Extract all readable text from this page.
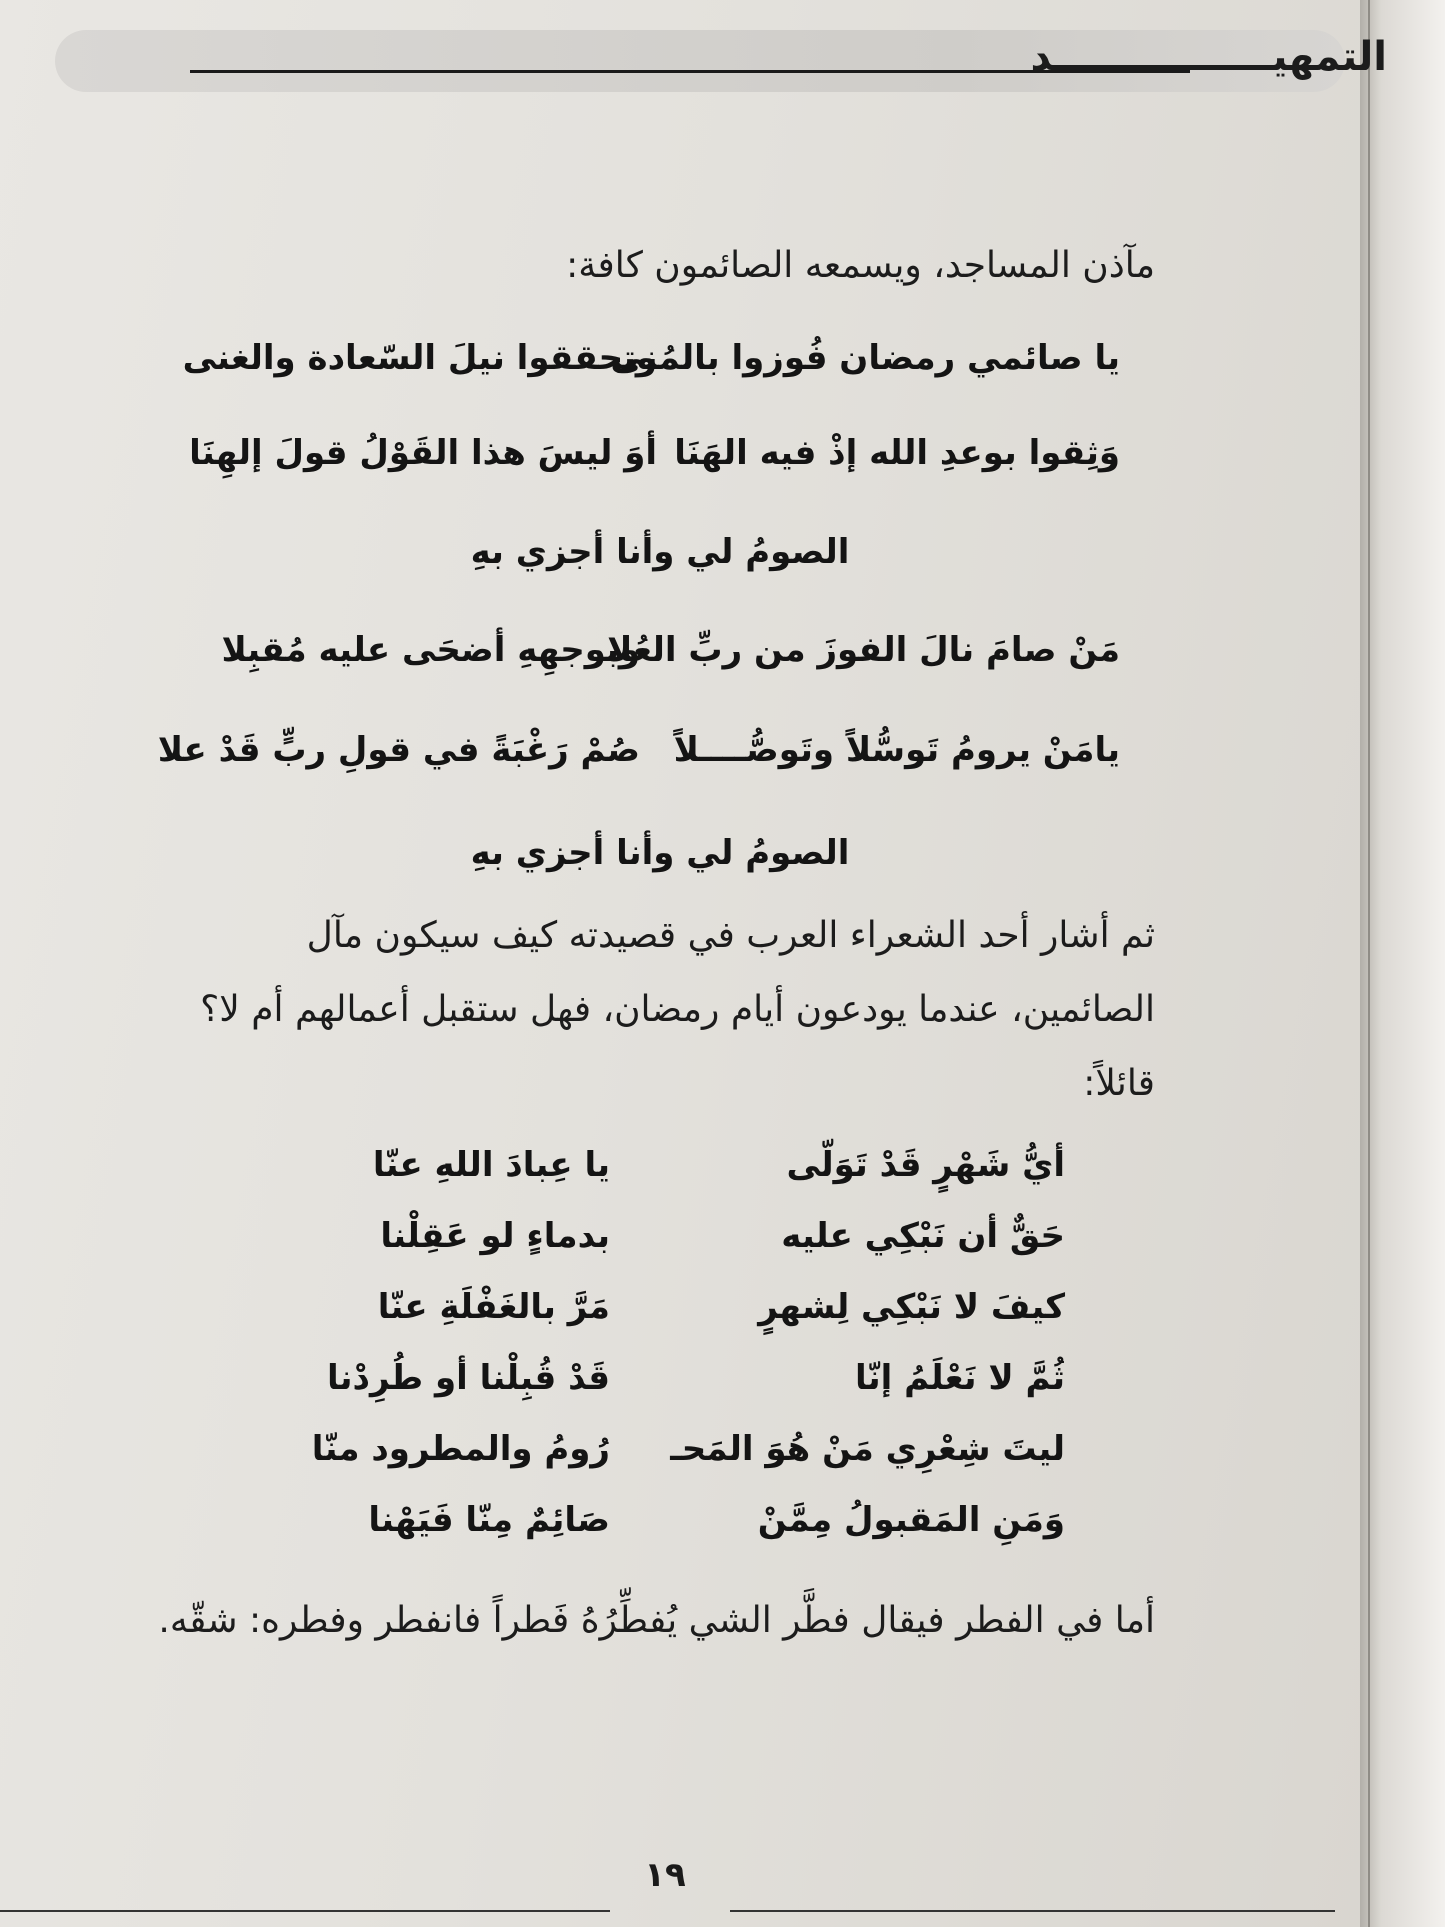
التمهيــــــــــــــــد
مآذن المساجد، ويسمعه الصائمون كافة:
يا صائمي رمضان فُوزوا بالمُنى
وتحققوا نيلَ السّعادة والغنى
وَثِقوا بوعدِ الله إذْ فيه الهَنَا
أوَ ليسَ هذا القَوْلُ قولَ إلهِنَا
الصومُ لي وأنا أجزي بهِ
مَنْ صامَ نالَ الفوزَ من ربِّ العُلا
وبوجهِهِ أضحَى عليه مُقبِلا
يامَنْ يرومُ تَوسُّلاً وتَوصُّــــلاً
صُمْ رَغْبَةً في قولِ ربٍّ قَدْ علا
الصومُ لي وأنا أجزي بهِ
ثم أشار أحد الشعراء العرب في قصيدته كيف سيكون مآل
الصائمين، عندما يودعون أيام رمضان، فهل ستقبل أعمالهم أم لا؟
قائلاً:
أيُّ شَهْرٍ قَدْ تَوَلّى
يا عِبادَ اللهِ عنّا
حَقٌّ أن نَبْكِي عليه
بدماءٍ لو عَقِلْنا
كيفَ لا نَبْكِي لِشهرٍ
مَرَّ بالغَفْلَةِ عنّا
ثُمَّ لا نَعْلَمُ إنّا
قَدْ قُبِلْنا أو طُرِدْنا
ليتَ شِعْرِي مَنْ هُوَ المَحـ
رُومُ والمطرود منّا
وَمَنِ المَقبولُ مِمَّنْ
صَائِمٌ مِنّا فَيَهْنا
أما في الفطر فيقال فطَّر الشي يُفطِّرُهُ فَطراً فانفطر وفطره: شقّه.
١٩
